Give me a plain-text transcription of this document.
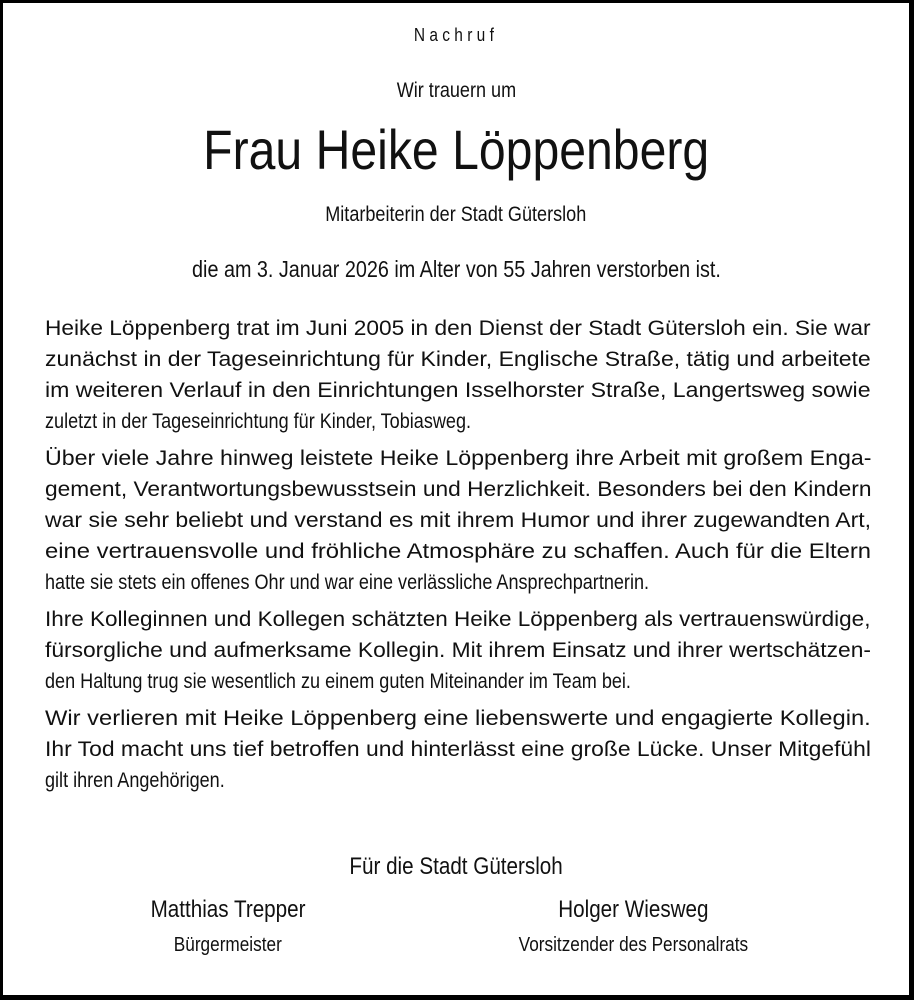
Nachruf
Wir trauern um
Frau Heike Löppenberg
Mitarbeiterin der Stadt Gütersloh
die am 3. Januar 2026 im Alter von 55 Jahren verstorben ist.

Heike Löppenberg trat im Juni 2005 in den Dienst der Stadt Gütersloh ein. Sie war
zunächst in der Tageseinrichtung für Kinder, Englische Straße, tätig und arbeitete
im weiteren Verlauf in den Einrichtungen Isselhorster Straße, Langertsweg sowie
zuletzt in der Tageseinrichtung für Kinder, Tobiasweg.

Über viele Jahre hinweg leistete Heike Löppenberg ihre Arbeit mit großem Enga-
gement, Verantwortungsbewusstsein und Herzlichkeit. Besonders bei den Kindern
war sie sehr beliebt und verstand es mit ihrem Humor und ihrer zugewandten Art,
eine vertrauensvolle und fröhliche Atmosphäre zu schaffen. Auch für die Eltern
hatte sie stets ein offenes Ohr und war eine verlässliche Ansprechpartnerin.

Ihre Kolleginnen und Kollegen schätzten Heike Löppenberg als vertrauenswürdige,
fürsorgliche und aufmerksame Kollegin. Mit ihrem Einsatz und ihrer wertschätzen-
den Haltung trug sie wesentlich zu einem guten Miteinander im Team bei.

Wir verlieren mit Heike Löppenberg eine liebenswerte und engagierte Kollegin.
Ihr Tod macht uns tief betroffen und hinterlässt eine große Lücke. Unser Mitgefühl
gilt ihren Angehörigen.

Für die Stadt Gütersloh
Matthias Trepper
Bürgermeister
Holger Wiesweg
Vorsitzender des Personalrats
